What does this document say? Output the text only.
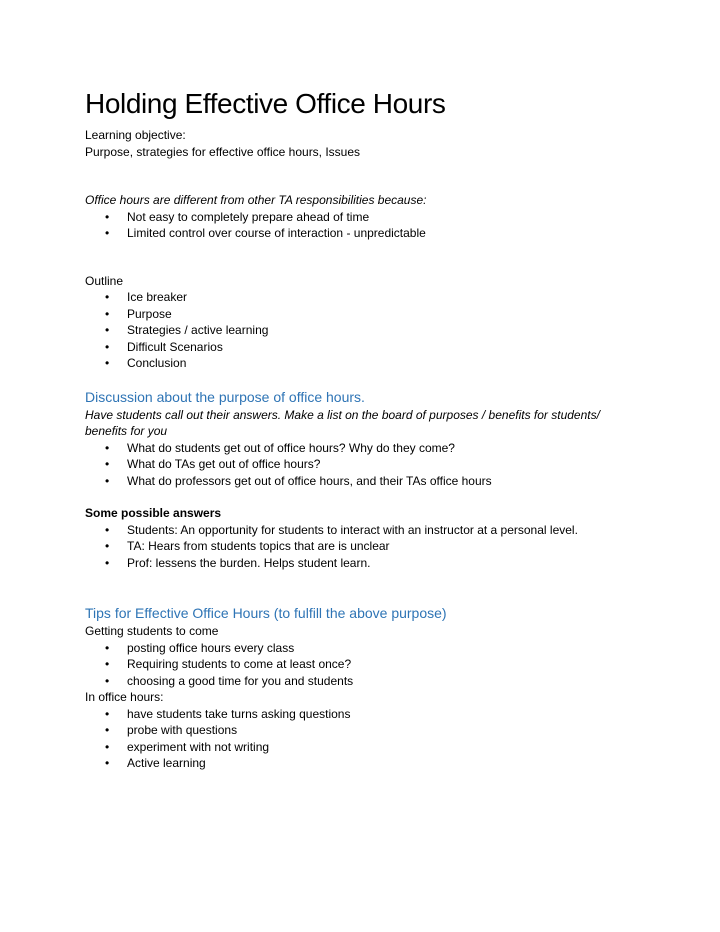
Holding Effective Office Hours
Learning objective:
Purpose, strategies for effective office hours, Issues
Office hours are different from other TA responsibilities because:
• Not easy to completely prepare ahead of time
• Limited control over course of interaction - unpredictable
Outline
• Ice breaker
• Purpose
• Strategies / active learning
• Difficult Scenarios
• Conclusion
Discussion about the purpose of office hours.
Have students call out their answers. Make a list on the board of purposes / benefits for students/
benefits for you
• What do students get out of office hours? Why do they come?
• What do TAs get out of office hours?
• What do professors get out of office hours, and their TAs office hours
Some possible answers
• Students: An opportunity for students to interact with an instructor at a personal level.
• TA: Hears from students topics that are is unclear
• Prof: lessens the burden. Helps student learn.
Tips for Effective Office Hours (to fulfill the above purpose)
Getting students to come
• posting office hours every class
• Requiring students to come at least once?
• choosing a good time for you and students
In office hours:
• have students take turns asking questions
• probe with questions
• experiment with not writing
• Active learning
